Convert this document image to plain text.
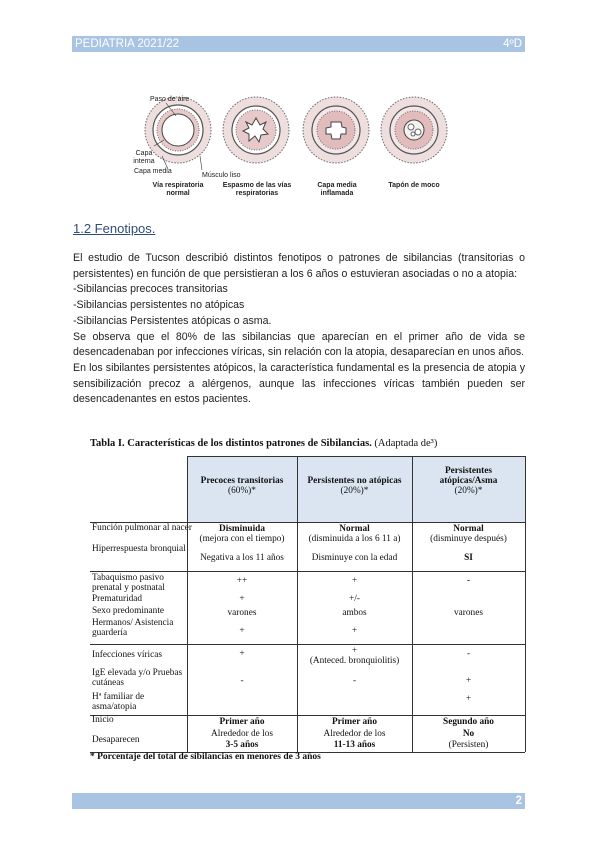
PEDIATRIA 2021/22	4ºD
Paso de aire
Capa interna
Capa media
Músculo liso
Vía respiratoria normal
Espasmo de las vías respiratorias
Capa media inflamada
Tapón de moco
1.2 Fenotipos.

El estudio de Tucson describió distintos fenotipos o patrones de sibilancias (transitorias o persistentes) en función de que persistieran a los 6 años o estuvieran asociadas o no a atopia:

-Sibilancias precoces transitorias

-Sibilancias persistentes no atópicas

-Sibilancias Persistentes atópicas o asma.

Se observa que el 80% de las sibilancias que aparecían en el primer año de vida se desencadenaban por infecciones víricas, sin relación con la atopia, desaparecían en unos años.

En los sibilantes persistentes atópicos, la característica fundamental es la presencia de atopia y sensibilización precoz a alérgenos, aunque las infecciones víricas también pueden ser desencadenantes en estos pacientes.

Tabla I. Características de los distintos patrones de Sibilancias. (Adaptada de³)
Precoces transitorias
(60%)*
Persistentes no atópicas
(20%)*
Persistentes atópicas/Asma
(20%)*
Función pulmonar al nacer
Hiperrespuesta bronquial
Tabaquismo pasivo prenatal y postnatal
Prematuridad
Sexo predominante
Hermanos/ Asistencia guardería
Infecciones víricas
IgE elevada y/o Pruebas cutáneas
Hª familiar de asma/atopia
Inicio
Desaparecen
Disminuida
(mejora con el tiempo)
Negativa a los 11 años
++
+
varones
+
+
-
Primer año
Alrededor de los
3-5 años
Normal
(disminuida a los 6 11 a)
Disminuye con la edad
+
+/-
ambos
+
+
(Anteced. bronquiolitis)
-
Primer año
Alrededor de los
11-13 años
Normal
(disminuye después)
SI
-
varones
-
+
+
Segundo año
No
(Persisten)
* Porcentaje del total de sibilancias en menores de 3 años
2
